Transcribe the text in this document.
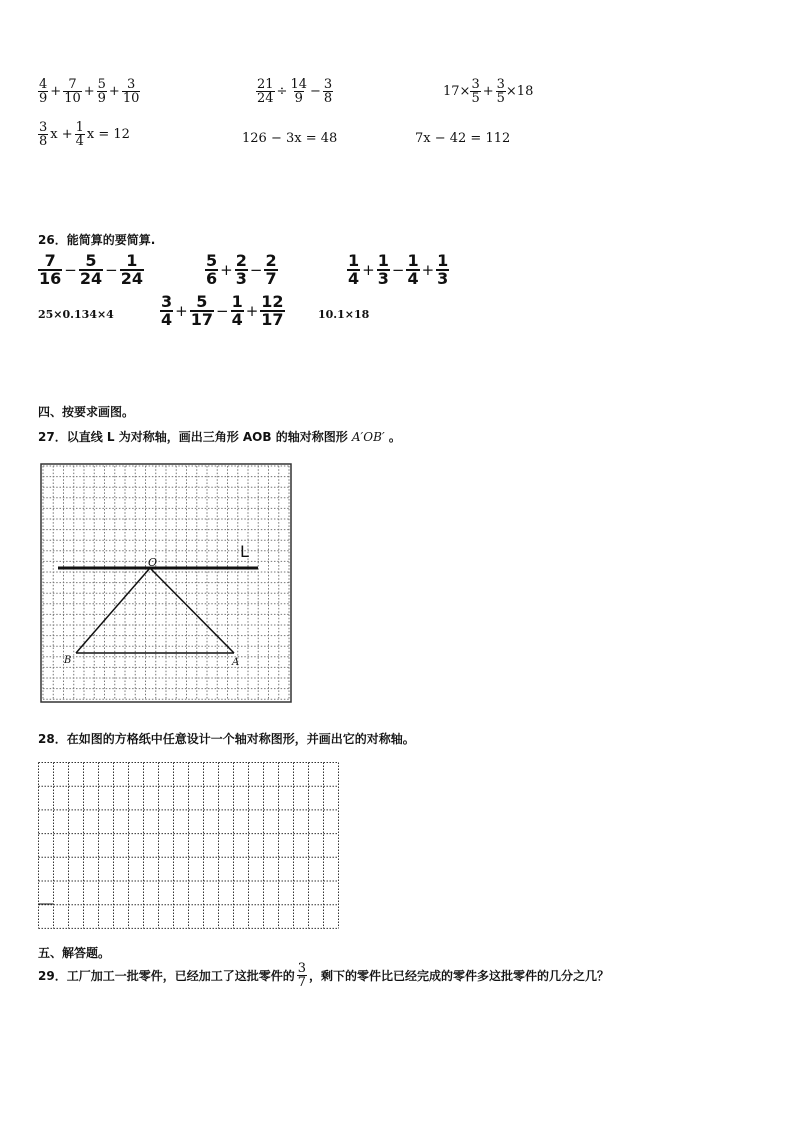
$\frac{4}{9} + \frac{7}{10} + \frac{5}{9} + \frac{3}{10}$	$\frac{21}{24} \div \frac{14}{9} - \frac{3}{8}$	$17\times \frac{3}{5} + \frac{3}{5} \times 18$
$\frac{3}{8}$ $x + \frac{1}{4}$ x = 12	126 − 3x = 48	7x − 42 = 112
26．能简算的要简算.
$\frac{7}{16} - \frac{5}{24} - \frac{1}{24}$	$\frac{5}{6} + \frac{2}{3} - \frac{2}{7}$	$\frac{1}{4} + \frac{1}{3} - \frac{1}{4} + \frac{1}{3}$
25×0.134×4	$\frac{3}{4} + \frac{5}{17} - \frac{1}{4} + \frac{12}{17}$	10.1×18
四、按要求画图。
27．以直线 L 为对称轴，画出三角形 AOB 的轴对称图形 A′OB′ 。
L
O
A
B
28．在如图的方格纸中任意设计一个轴对称图形，并画出它的对称轴。
五、解答题。
29．工厂加工一批零件，已经加工了这批零件的 $\frac{3}{7}$ ，剩下的零件比已经完成的零件多这批零件的几分之几？
